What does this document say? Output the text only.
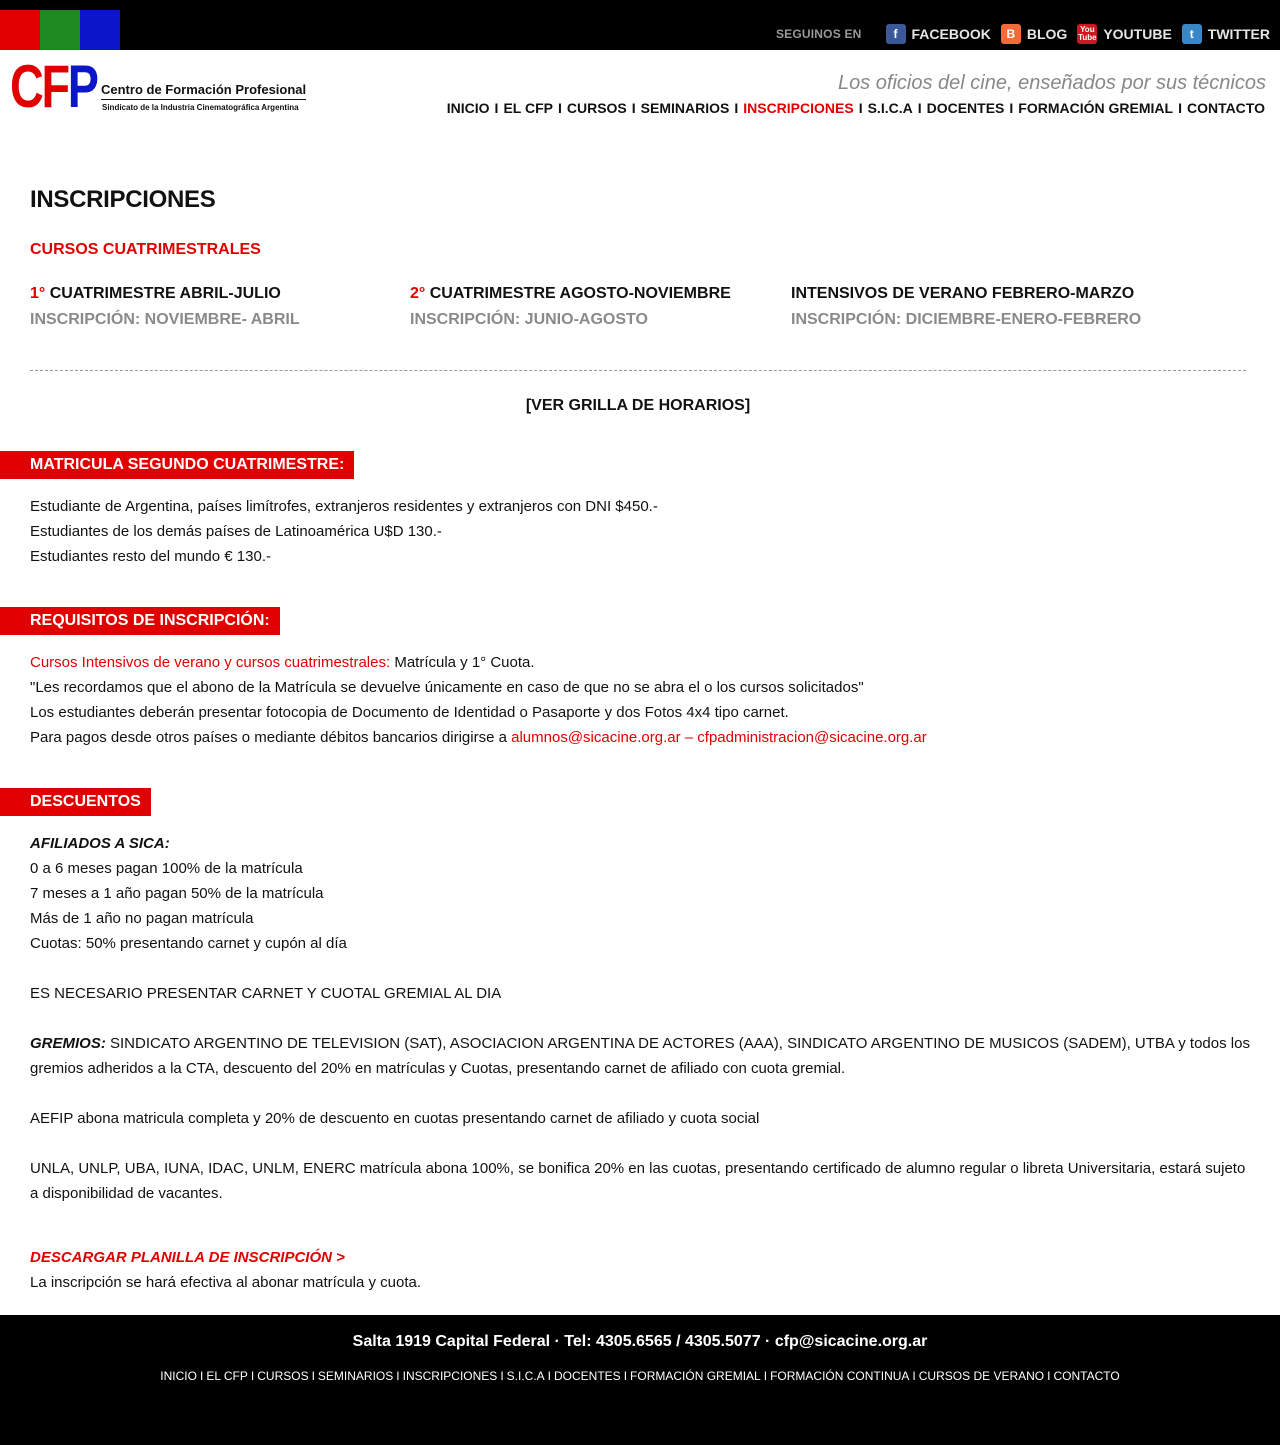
SEGUINOS EN	f	FACEBOOK	B BLOG	You Tube YOUTUBE	t	TWITTER
CFP Centro de Formación Profesional
Sindicato de la Industria Cinematográfica Argentina
Los oficios del cine, enseñados por sus técnicos
INICIO I EL CFP I CURSOS I SEMINARIOS I INSCRIPCIONES I S.I.C.A I DOCENTES I FORMACIÓN GREMIAL I CONTACTO
INSCRIPCIONES
CURSOS CUATRIMESTRALES
1° CUATRIMESTRE ABRIL-JULIO
INSCRIPCIÓN: NOVIEMBRE- ABRIL
2° CUATRIMESTRE AGOSTO-NOVIEMBRE
INSCRIPCIÓN: JUNIO-AGOSTO
INTENSIVOS DE VERANO FEBRERO-MARZO
INSCRIPCIÓN: DICIEMBRE-ENERO-FEBRERO
[VER GRILLA DE HORARIOS]
MATRICULA SEGUNDO CUATRIMESTRE:
Estudiante de Argentina, países limítrofes, extranjeros residentes y extranjeros con DNI $450.-
Estudiantes de los demás países de Latinoamérica U$D 130.-
Estudiantes resto del mundo € 130.-
REQUISITOS DE INSCRIPCIÓN:
Cursos Intensivos de verano y cursos cuatrimestrales: Matrícula y 1° Cuota.
"Les recordamos que el abono de la Matrícula se devuelve únicamente en caso de que no se abra el o los cursos solicitados"
Los estudiantes deberán presentar fotocopia de Documento de Identidad o Pasaporte y dos Fotos 4x4 tipo carnet.
Para pagos desde otros países o mediante débitos bancarios dirigirse a alumnos@sicacine.org.ar – cfpadministracion@sicacine.org.ar
DESCUENTOS
AFILIADOS A SICA:
0 a 6 meses pagan 100% de la matrícula
7 meses a 1 año pagan 50% de la matrícula
Más de 1 año no pagan matrícula
Cuotas: 50% presentando carnet y cupón al día
ES NECESARIO PRESENTAR CARNET Y CUOTAL GREMIAL AL DIA
GREMIOS: SINDICATO ARGENTINO DE TELEVISION (SAT), ASOCIACION ARGENTINA DE ACTORES (AAA), SINDICATO ARGENTINO DE MUSICOS (SADEM), UTBA y todos los gremios adheridos a la CTA, descuento del 20% en matrículas y Cuotas, presentando carnet de afiliado con cuota gremial.
AEFIP abona matricula completa y 20% de descuento en cuotas presentando carnet de afiliado y cuota social
UNLA, UNLP, UBA, IUNA, IDAC, UNLM, ENERC matrícula abona 100%, se bonifica 20% en las cuotas, presentando certificado de alumno regular o libreta Universitaria, estará sujeto a disponibilidad de vacantes.
DESCARGAR PLANILLA DE INSCRIPCIÓN >
La inscripción se hará efectiva al abonar matrícula y cuota.
Salta 1919 Capital Federal · Tel: 4305.6565 / 4305.5077 · cfp@sicacine.org.ar
INICIO I EL CFP I CURSOS I SEMINARIOS I INSCRIPCIONES I S.I.C.A I DOCENTES I FORMACIÓN GREMIAL I FORMACIÓN CONTINUA I CURSOS DE VERANO I CONTACTO
